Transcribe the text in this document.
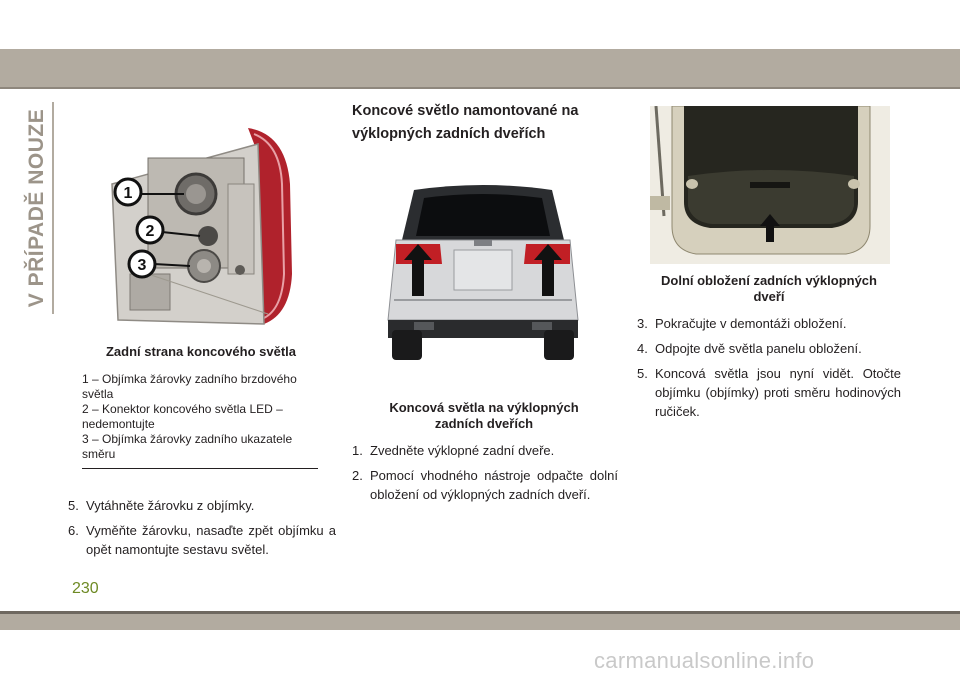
V PŘÍPADĚ NOUZE	1
2
3
Zadní strana koncového světla
1 – Objímka žárovky zadního brzdového světla
2 – Konektor koncového světla LED – nedemontujte
3 – Objímka žárovky zadního ukazatele směru
5. Vytáhněte žárovku z objímky.
6. Vyměňte žárovku, nasaďte zpět objímku a opět namontujte sestavu světel.
Koncové světlo namontované na výklopných zadních dveřích
Koncová světla na výklopných zadních dveřích
1. Zvedněte výklopné zadní dveře.
2. Pomocí vhodného nástroje odpačte dolní obložení od výklopných zadních dveří.
Dolní obložení zadních výklopných dveří
3. Pokračujte v demontáži obložení.
4. Odpojte dvě světla panelu obložení.
5. Koncová světla jsou nyní vidět. Otočte objímku (objímky) proti směru hodinových ručiček.
230
carmanualsonline.info
